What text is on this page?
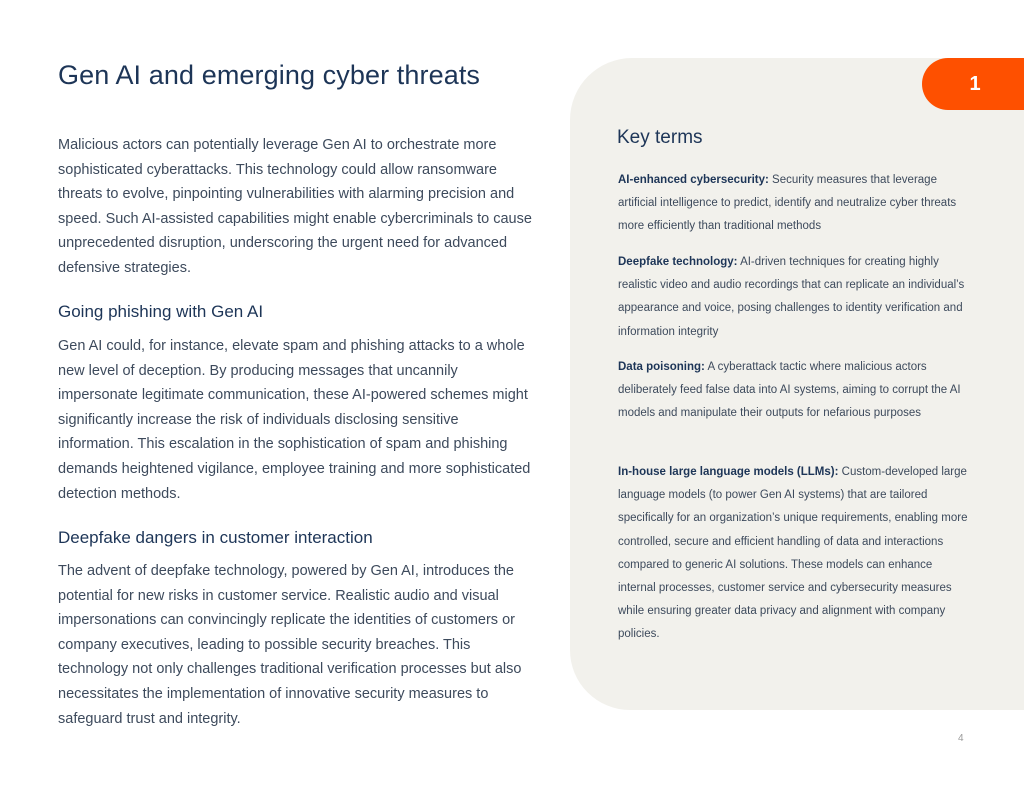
Gen AI and emerging cyber threats

Malicious actors can potentially leverage Gen AI to orchestrate more sophisticated cyberattacks. This technology could allow ransomware threats to evolve, pinpointing vulnerabilities with alarming precision and speed. Such AI-assisted capabilities might enable cybercriminals to cause unprecedented disruption, underscoring the urgent need for advanced defensive strategies.

Going phishing with Gen AI

Gen AI could, for instance, elevate spam and phishing attacks to a whole new level of deception. By producing messages that uncannily impersonate legitimate communication, these AI-powered schemes might significantly increase the risk of individuals disclosing sensitive information. This escalation in the sophistication of spam and phishing demands heightened vigilance, employee training and more sophisticated detection methods.

Deepfake dangers in customer interaction

The advent of deepfake technology, powered by Gen AI, introduces the potential for new risks in customer service. Realistic audio and visual impersonations can convincingly replicate the identities of customers or company executives, leading to possible security breaches. This technology not only challenges traditional verification processes but also necessitates the implementation of innovative security measures to safeguard trust and integrity.

1
Key terms

AI-enhanced cybersecurity: Security measures that leverage artificial intelligence to predict, identify and neutralize cyber threats more efficiently than traditional methods

Deepfake technology: AI-driven techniques for creating highly realistic video and audio recordings that can replicate an individual’s appearance and voice, posing challenges to identity verification and information integrity

Data poisoning: A cyberattack tactic where malicious actors deliberately feed false data into AI systems, aiming to corrupt the AI models and manipulate their outputs for nefarious purposes

In-house large language models (LLMs): Custom-developed large language models (to power Gen AI systems) that are tailored specifically for an organization’s unique requirements, enabling more controlled, secure and efficient handling of data and interactions compared to generic AI solutions. These models can enhance internal processes, customer service and cybersecurity measures while ensuring greater data privacy and alignment with company policies.

4
